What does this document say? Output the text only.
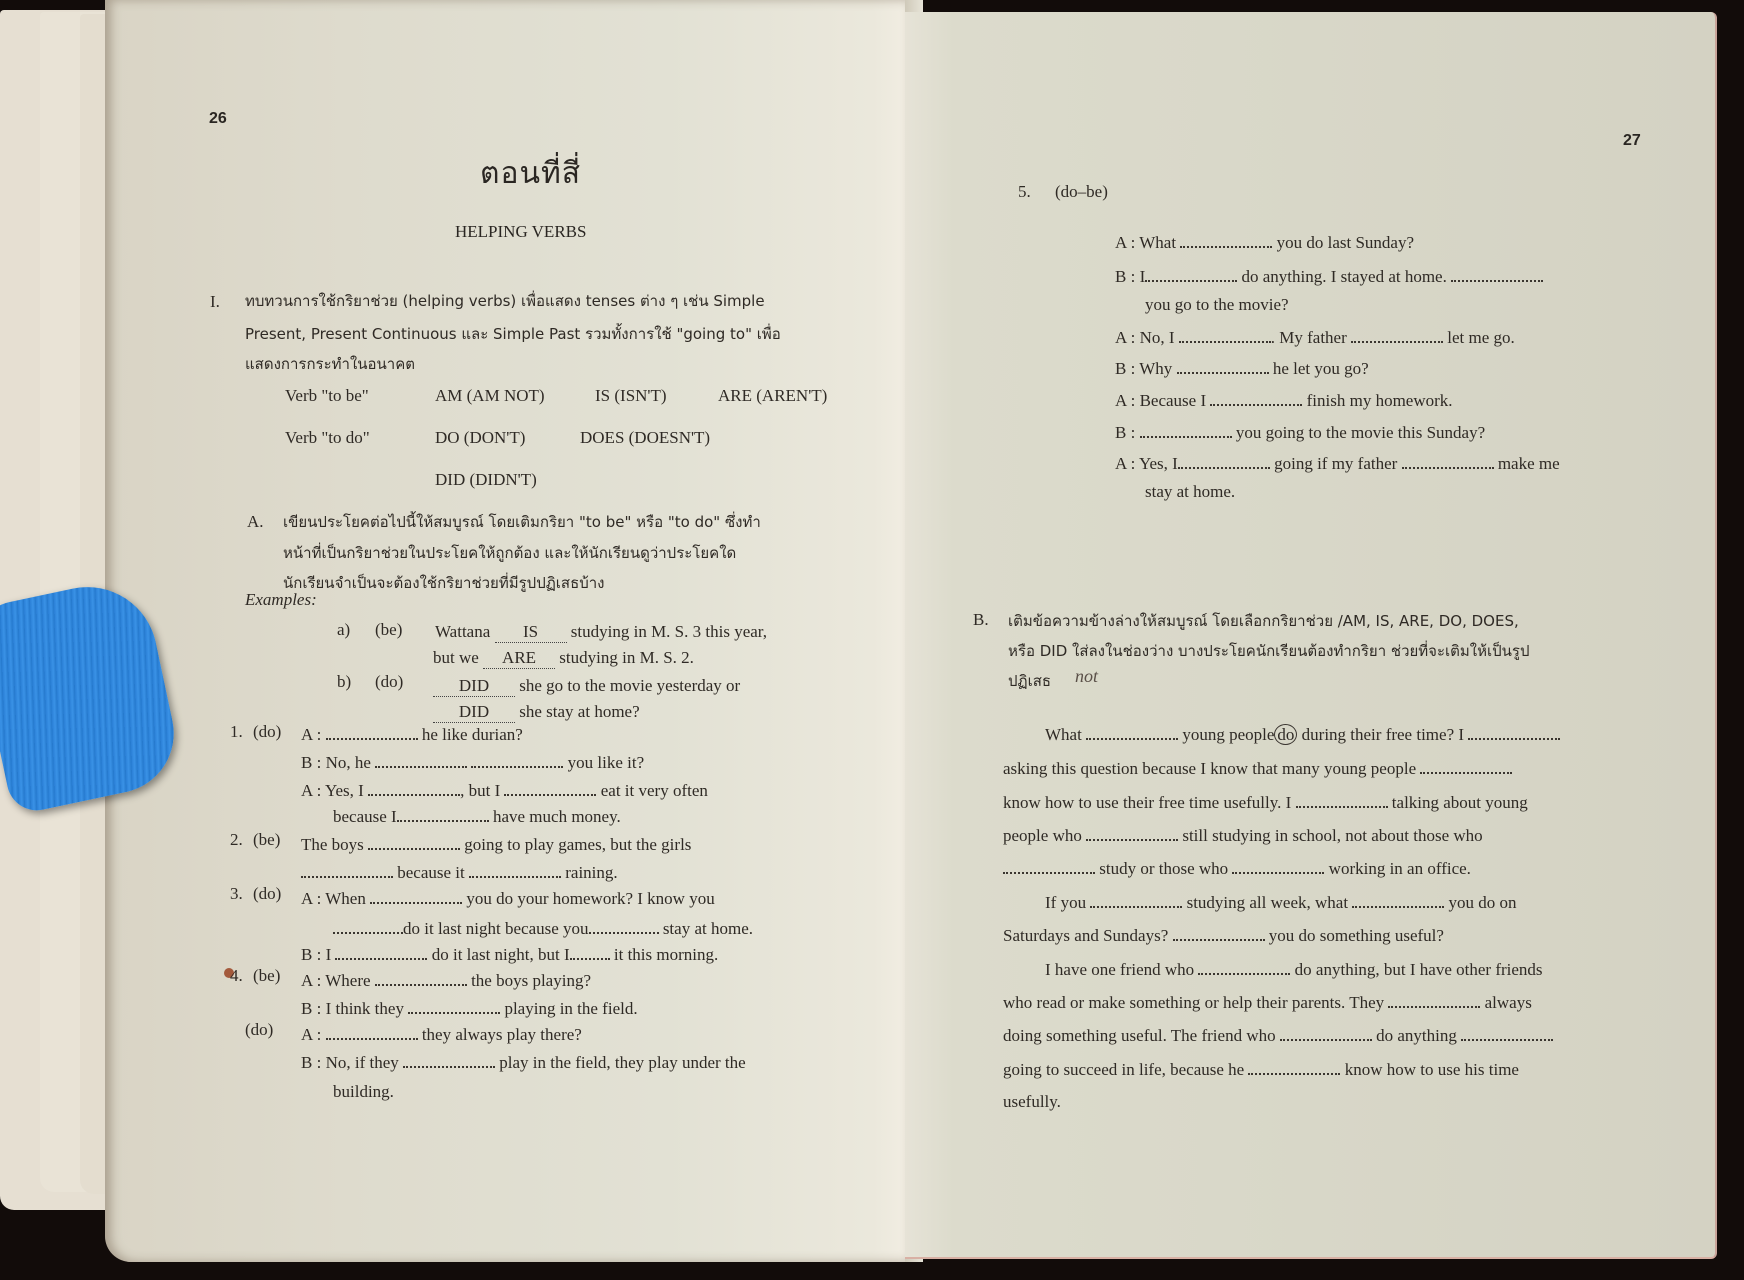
26
ตอนที่สี่
HELPING VERBS
I. ทบทวนการใช้กริยาช่วย (helping verbs) เพื่อแสดง tenses ต่าง ๆ เช่น Simple
Present, Present Continuous และ Simple Past รวมทั้งการใช้ "going to" เพื่อ
แสดงการกระทำในอนาคต
Verb "to be"	AM (AM NOT)	IS (ISN'T)	ARE (AREN'T)
Verb "to do"	DO (DON'T)	DOES (DOESN'T)
DID (DIDN'T)
A. เขียนประโยคต่อไปนี้ให้สมบูรณ์ โดยเติมกริยา "to be" หรือ "to do" ซึ่งทำ
หน้าที่เป็นกริยาช่วยในประโยคให้ถูกต้อง และให้นักเรียนดูว่าประโยคใด
นักเรียนจำเป็นจะต้องใช้กริยาช่วยที่มีรูปปฏิเสธบ้าง
Examples:
a) (be) Wattana IS studying in M. S. 3 this year,
but we ARE studying in M. S. 2.
b) (do)	DID she go to the movie yesterday or
DID she stay at home?
1. (do) A :	he like durian?
B : No, he	you like it?
A : Yes, I	, but I	eat it very often
because I	have much money.
2. (be) The boys	going to play games, but the girls
because it	raining.
3. (do) A : When	you do your homework? I know you
do it last night because you	stay at home.
B : I	do it last night, but I	it this morning.
4. (be) A : Where	the boys playing?
B : I think they	playing in the field.
(do) A :	they always play there?
B : No, if they	play in the field, they play under the
building.
27
5. (do–be)
A : What	you do last Sunday?
B : I	do anything. I stayed at home.
you go to the movie?
A : No, I	. My father	let me go.
B : Why	he let you go?
A : Because I	finish my homework.
B :	you going to the movie this Sunday?
A : Yes, I	going if my father	make me
stay at home.
B. เติมข้อความข้างล่างให้สมบูรณ์ โดยเลือกกริยาช่วย /AM, IS, ARE, DO, DOES,
หรือ DID ใส่ลงในช่องว่าง บางประโยคนักเรียนต้องทำกริยา ช่วยที่จะเติมให้เป็นรูป
ปฏิเสธ not
What	young people do during their free time? I
asking this question because I know that many young people
know how to use their free time usefully. I	talking about young
people who	still studying in school, not about those who
study or those who	working in an office.
If you	studying all week, what	you do on
Saturdays and Sundays?	you do something useful?
I have one friend who	do anything, but I have other friends
who read or make something or help their parents. They	always
doing something useful. The friend who	do anything
going to succeed in life, because he	know how to use his time
usefully.
